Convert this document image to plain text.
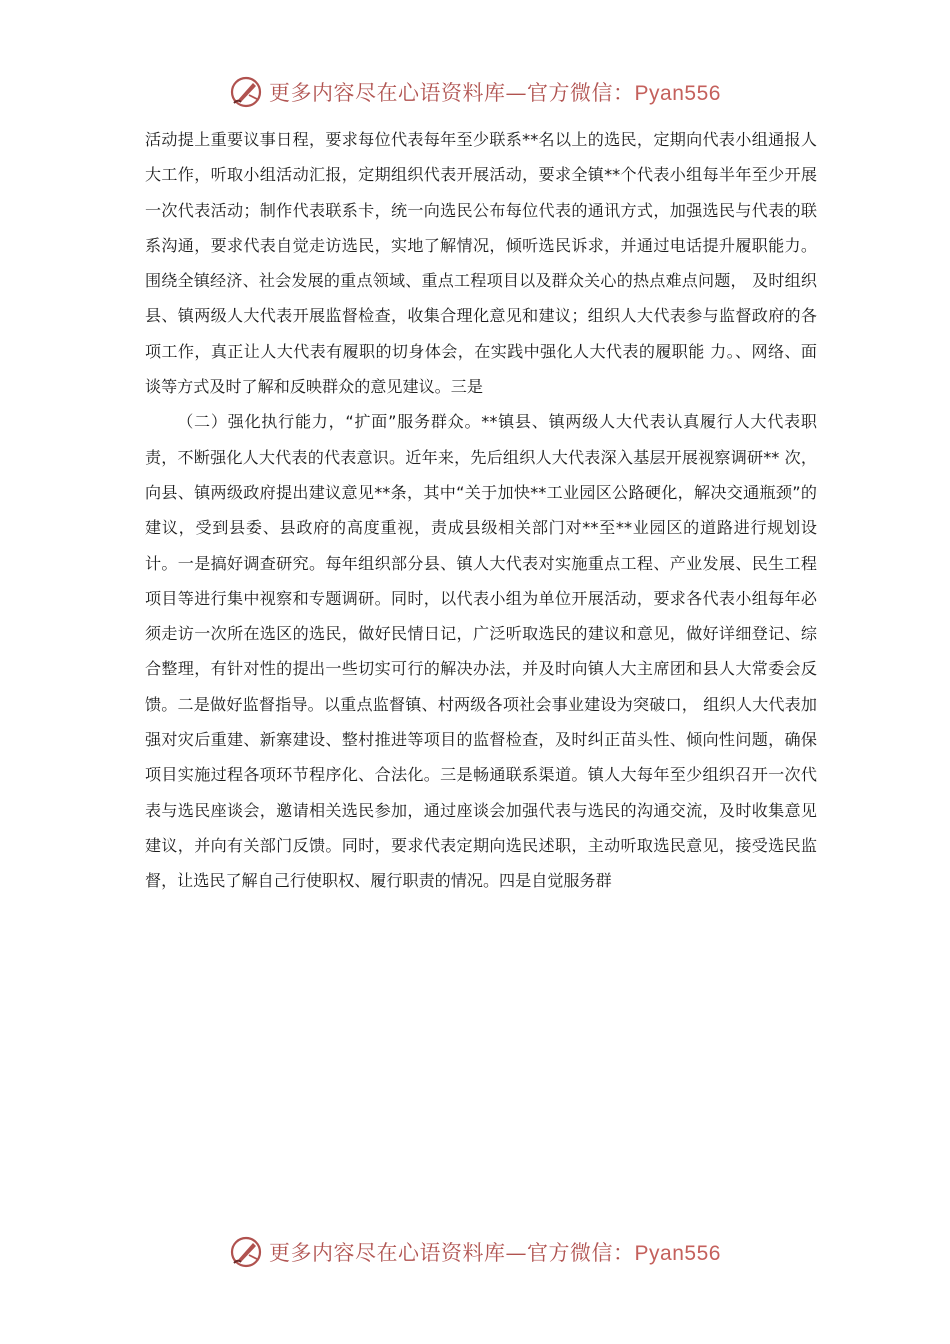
更多内容尽在心语资料库—官方微信：Pyan556

活动提上重要议事日程，要求每位代表每年至少联系**名以上的选民，定期向代表小组通报人大工作，听取小组活动汇报，定期组织代表开展活动，要求全镇**个代表小组每半年至少开展一次代表活动；制作代表联系卡，统一向选民公布每位代表的通讯方式，加强选民与代表的联系沟通，要求代表自觉走访选民，实地了解情况，倾听选民诉求，并通过电话提升履职能力。围绕全镇经济、社会发展的重点领域、重点工程项目以及群众关心的热点难点问题， 及时组织县、镇两级人大代表开展监督检查，收集合理化意见和建议；组织人大代表参与监督政府的各项工作，真正让人大代表有履职的切身体会，在实践中强化人大代表的履职能 力。、网络、面谈等方式及时了解和反映群众的意见建议。三是

（二）强化执行能力，“扩面”服务群众。**镇县、镇两级人大代表认真履行人大代表职责，不断强化人大代表的代表意识。近年来，先后组织人大代表深入基层开展视察调研** 次，向县、镇两级政府提出建议意见**条，其中“关于加快**工业园区公路硬化，解决交通瓶颈”的建议，受到县委、县政府的高度重视，责成县级相关部门对**至**业园区的道路进行规划设计。一是搞好调查研究。每年组织部分县、镇人大代表对实施重点工程、产业发展、民生工程项目等进行集中视察和专题调研。同时，以代表小组为单位开展活动，要求各代表小组每年必须走访一次所在选区的选民，做好民情日记，广泛听取选民的建议和意见，做好详细登记、综合整理，有针对性的提出一些切实可行的解决办法，并及时向镇人大主席团和县人大常委会反馈。二是做好监督指导。以重点监督镇、村两级各项社会事业建设为突破口， 组织人大代表加强对灾后重建、新寨建设、整村推进等项目的监督检查，及时纠正苗头性、倾向性问题，确保项目实施过程各项环节程序化、合法化。三是畅通联系渠道。镇人大每年至少组织召开一次代表与选民座谈会，邀请相关选民参加，通过座谈会加强代表与选民的沟通交流，及时收集意见建议，并向有关部门反馈。同时，要求代表定期向选民述职，主动听取选民意见，接受选民监督，让选民了解自己行使职权、履行职责的情况。四是自觉服务群

更多内容尽在心语资料库—官方微信：Pyan556
